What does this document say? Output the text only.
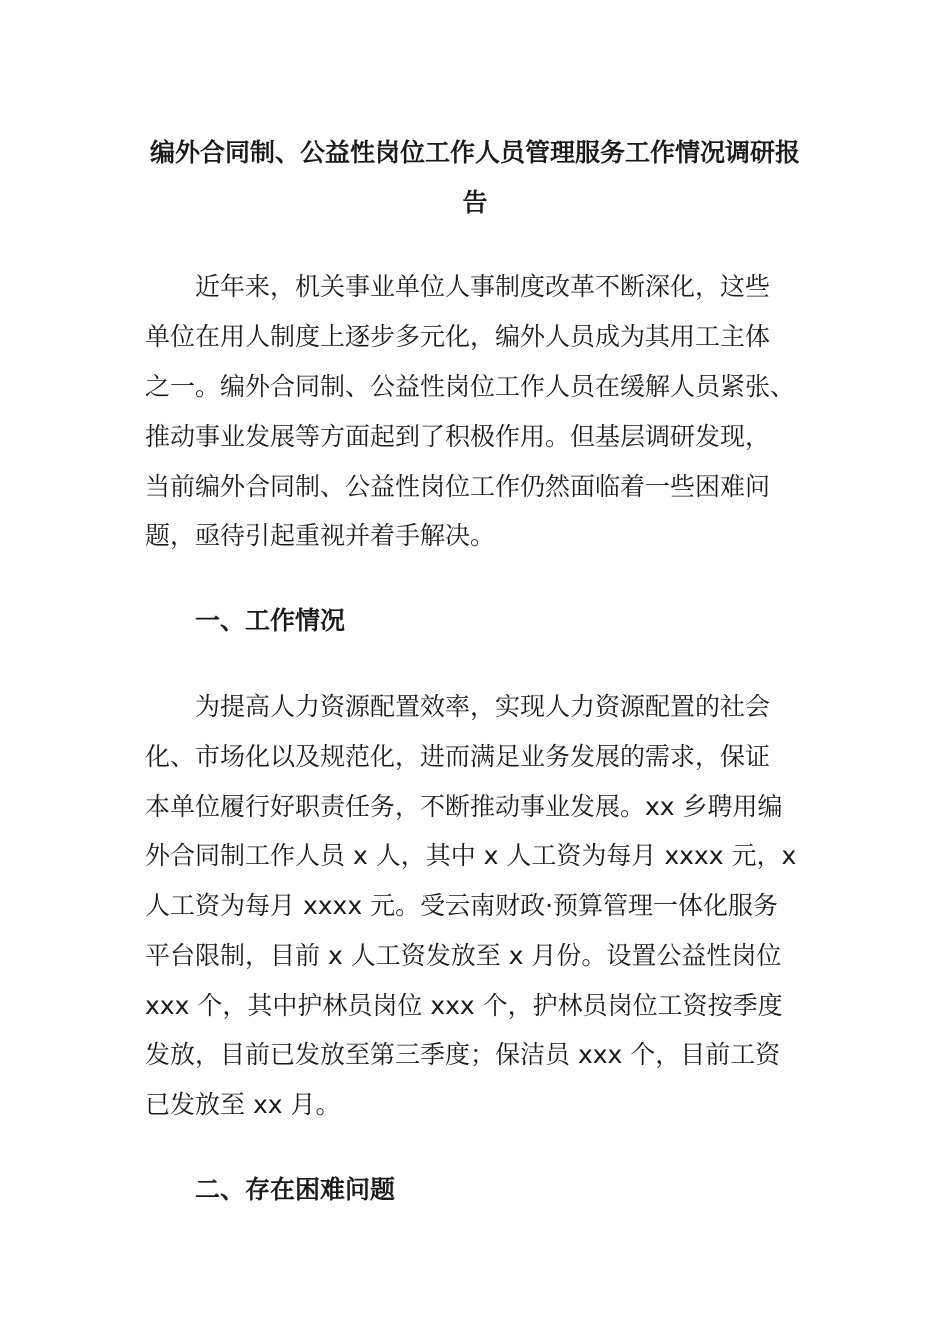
编外合同制、公益性岗位工作人员管理服务工作情况调研报告

　　近年来，机关事业单位人事制度改革不断深化，这些

单位在用人制度上逐步多元化，编外人员成为其用工主体

之一。编外合同制、公益性岗位工作人员在缓解人员紧张、

推动事业发展等方面起到了积极作用。但基层调研发现，

当前编外合同制、公益性岗位工作仍然面临着一些困难问

题，亟待引起重视并着手解决。

一、工作情况

　　为提高人力资源配置效率，实现人力资源配置的社会

化、市场化以及规范化，进而满足业务发展的需求，保证

本单位履行好职责任务，不断推动事业发展。xx 乡聘用编

外合同制工作人员 x 人，其中 x 人工资为每月 xxxx 元，x

人工资为每月 xxxx 元。受云南财政·预算管理一体化服务

平台限制，目前 x 人工资发放至 x 月份。设置公益性岗位

xxx 个，其中护林员岗位 xxx 个，护林员岗位工资按季度

发放，目前已发放至第三季度；保洁员 xxx 个，目前工资

已发放至 xx 月。

二、存在困难问题
